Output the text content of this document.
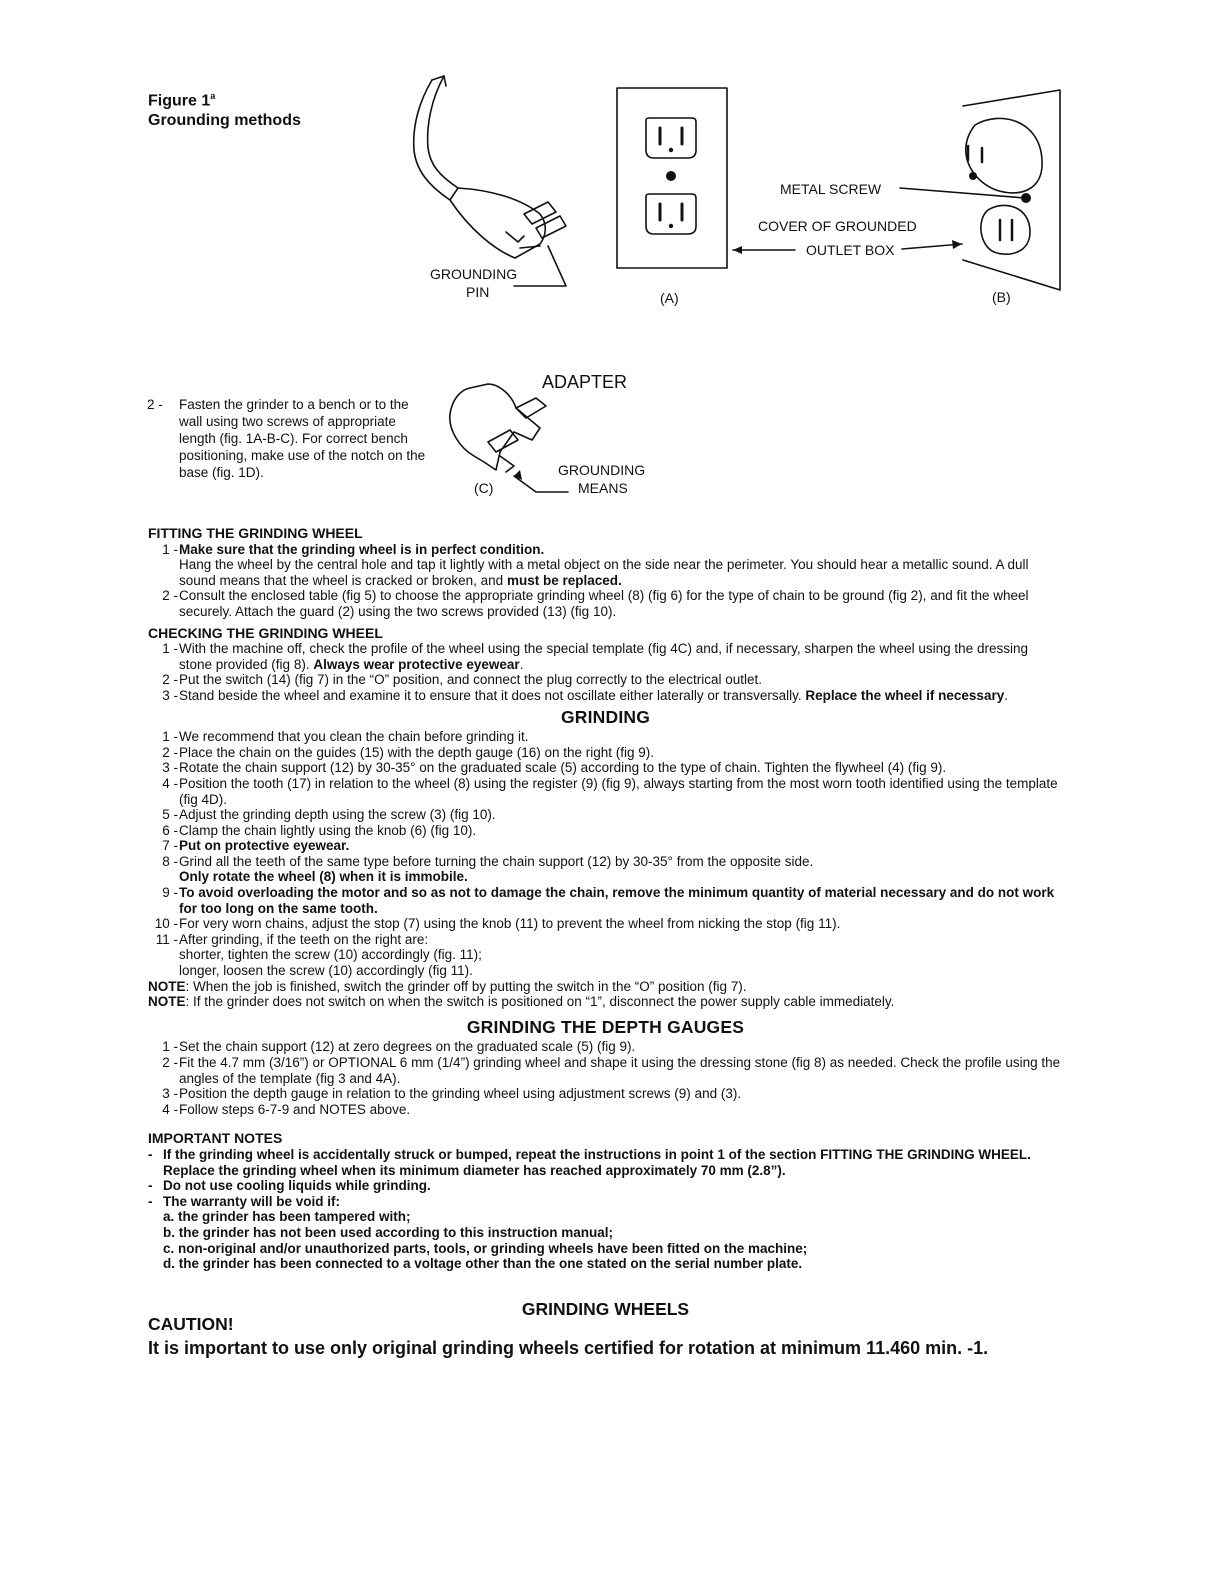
Figure 1$^a$
Grounding methods
GROUNDING
PIN	(A)	(B)
METAL SCREW
COVER OF GROUNDED
OUTLET BOX
ADAPTER
GROUNDING
MEANS
(C)
2 - Fasten the grinder to a bench or to the wall using two screws of appropriate length (fig. 1A-B-C). For correct bench positioning, make use of the notch on the base (fig. 1D).
FITTING THE GRINDING WHEEL
1 - Make sure that the grinding wheel is in perfect condition.
Hang the wheel by the central hole and tap it lightly with a metal object on the side near the perimeter. You should hear a metallic sound. A dull sound means that the wheel is cracked or broken, and must be replaced.
2 - Consult the enclosed table (fig 5) to choose the appropriate grinding wheel (8) (fig 6) for the type of chain to be ground (fig 2), and fit the wheel securely. Attach the guard (2) using the two screws provided (13) (fig 10).
CHECKING THE GRINDING WHEEL
1 - With the machine off, check the profile of the wheel using the special template (fig 4C) and, if necessary, sharpen the wheel using the dressing stone provided (fig 8). Always wear protective eyewear.
2 - Put the switch (14) (fig 7) in the “O” position, and connect the plug correctly to the electrical outlet.
3 - Stand beside the wheel and examine it to ensure that it does not oscillate either laterally or transversally. Replace the wheel if necessary.
GRINDING
1 - We recommend that you clean the chain before grinding it.
2 - Place the chain on the guides (15) with the depth gauge (16) on the right (fig 9).
3 - Rotate the chain support (12) by 30-35° on the graduated scale (5) according to the type of chain. Tighten the flywheel (4) (fig 9).
4 - Position the tooth (17) in relation to the wheel (8) using the register (9) (fig 9), always starting from the most worn tooth identified using the template (fig 4D).
5 - Adjust the grinding depth using the screw (3) (fig 10).
6 - Clamp the chain lightly using the knob (6) (fig 10).
7 - Put on protective eyewear.
8 - Grind all the teeth of the same type before turning the chain support (12) by 30-35° from the opposite side.
Only rotate the wheel (8) when it is immobile.
9 - To avoid overloading the motor and so as not to damage the chain, remove the minimum quantity of material necessary and do not work for too long on the same tooth.
10 - For very worn chains, adjust the stop (7) using the knob (11) to prevent the wheel from nicking the stop (fig 11).
11 - After grinding, if the teeth on the right are:
shorter, tighten the screw (10) accordingly (fig. 11);
longer, loosen the screw (10) accordingly (fig 11).
NOTE: When the job is finished, switch the grinder off by putting the switch in the “O” position (fig 7).
NOTE: If the grinder does not switch on when the switch is positioned on “1”, disconnect the power supply cable immediately.
GRINDING THE DEPTH GAUGES
1 - Set the chain support (12) at zero degrees on the graduated scale (5) (fig 9).
2 - Fit the 4.7 mm (3/16”) or OPTIONAL 6 mm (1/4”) grinding wheel and shape it using the dressing stone (fig 8) as needed. Check the profile using the angles of the template (fig 3 and 4A).
3 - Position the depth gauge in relation to the grinding wheel using adjustment screws (9) and (3).
4 - Follow steps 6-7-9 and NOTES above.
IMPORTANT NOTES
- If the grinding wheel is accidentally struck or bumped, repeat the instructions in point 1 of the section FITTING THE GRINDING WHEEL.
Replace the grinding wheel when its minimum diameter has reached approximately 70 mm (2.8”).
- Do not use cooling liquids while grinding.
- The warranty will be void if:
a. the grinder has been tampered with;
b. the grinder has not been used according to this instruction manual;
c. non-original and/or unauthorized parts, tools, or grinding wheels have been fitted on the machine;
d. the grinder has been connected to a voltage other than the one stated on the serial number plate.
GRINDING WHEELS
CAUTION!
It is important to use only original grinding wheels certified for rotation at minimum 11.460 min. -1.
